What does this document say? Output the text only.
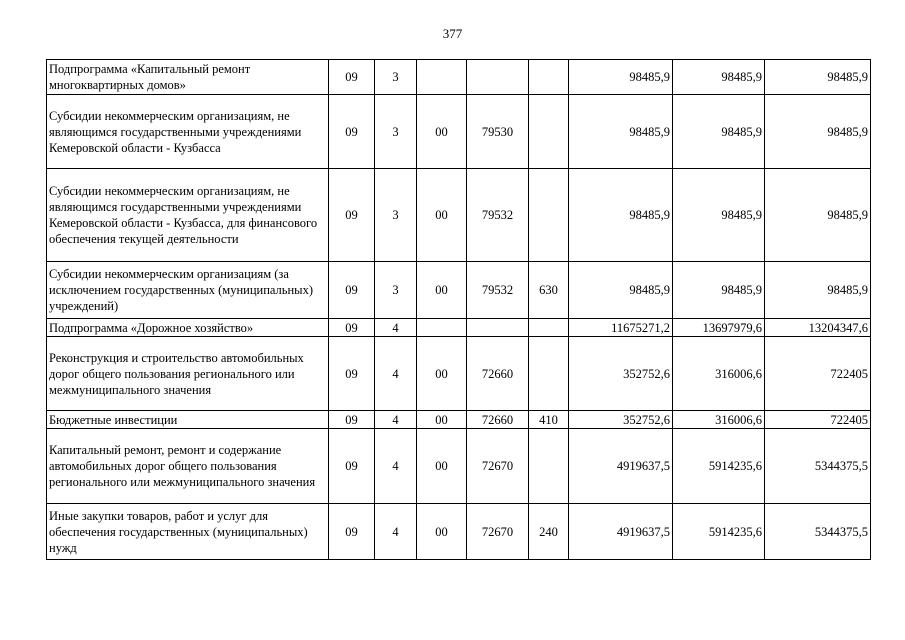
377
Подпрограмма «Капитальный ремонт многоквартирных домов»	09	3				98485,9	98485,9	98485,9
Субсидии некоммерческим организациям, не являющимся государственными учреждениями Кемеровской области - Кузбасса	09	3	00	79530		98485,9	98485,9	98485,9
Субсидии некоммерческим организациям, не являющимся государственными учреждениями Кемеровской области - Кузбасса, для финансового обеспечения текущей деятельности	09	3	00	79532		98485,9	98485,9	98485,9
Субсидии некоммерческим организациям (за исключением государственных (муниципальных) учреждений)	09	3	00	79532	630	98485,9	98485,9	98485,9
Подпрограмма «Дорожное хозяйство»	09	4				11675271,2	13697979,6	13204347,6
Реконструкция и строительство автомобильных дорог общего пользования регионального или межмуниципального значения	09	4	00	72660		352752,6	316006,6	722405
Бюджетные инвестиции	09	4	00	72660	410	352752,6	316006,6	722405
Капитальный ремонт, ремонт и содержание автомобильных дорог общего пользования регионального или межмуниципального значения	09	4	00	72670		4919637,5	5914235,6	5344375,5
Иные закупки товаров, работ и услуг для обеспечения государственных (муниципальных) нужд	09	4	00	72670	240	4919637,5	5914235,6	5344375,5
